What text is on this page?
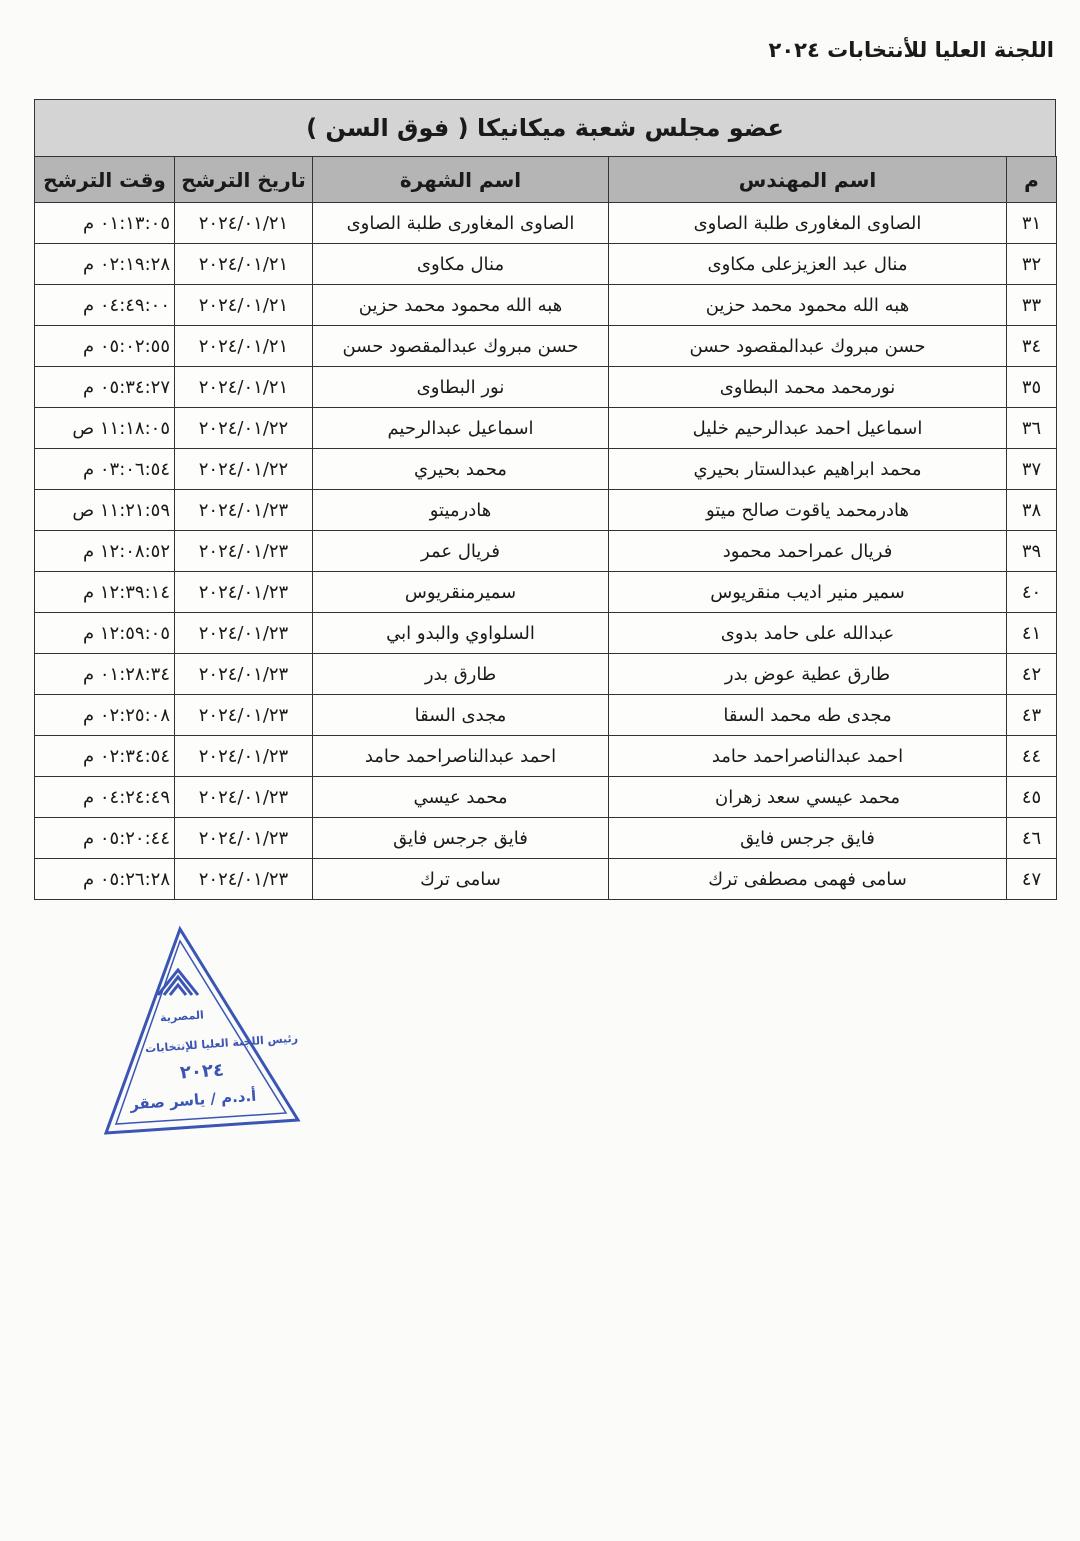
اللجنة العليا للأنتخابات ٢٠٢٤
عضو مجلس شعبة ميكانيكا ( فوق السن )
م	اسم المهندس	اسم الشهرة	تاريخ الترشح	وقت الترشح
٣١	الصاوى المغاورى طلبة الصاوى	الصاوى المغاورى طلبة الصاوى	٢٠٢٤/٠١/٢١	٠١:١٣:٠٥ م
٣٢	منال عبد العزيزعلى مكاوى	منال مكاوى	٢٠٢٤/٠١/٢١	٠٢:١٩:٢٨ م
٣٣	هبه الله محمود محمد حزين	هبه الله محمود محمد حزين	٢٠٢٤/٠١/٢١	٠٤:٤٩:٠٠ م
٣٤	حسن مبروك عبدالمقصود حسن	حسن مبروك عبدالمقصود حسن	٢٠٢٤/٠١/٢١	٠٥:٠٢:٥٥ م
٣٥	نورمحمد محمد البطاوى	نور البطاوى	٢٠٢٤/٠١/٢١	٠٥:٣٤:٢٧ م
٣٦	اسماعيل احمد عبدالرحيم خليل	اسماعيل عبدالرحيم	٢٠٢٤/٠١/٢٢	١١:١٨:٠٥ ص
٣٧	محمد ابراهيم عبدالستار بحيري	محمد بحيري	٢٠٢٤/٠١/٢٢	٠٣:٠٦:٥٤ م
٣٨	هادرمحمد ياقوت صالح ميتو	هادرميتو	٢٠٢٤/٠١/٢٣	١١:٢١:٥٩ ص
٣٩	فريال عمراحمد محمود	فريال عمر	٢٠٢٤/٠١/٢٣	١٢:٠٨:٥٢ م
٤٠	سمير منير اديب منقريوس	سميرمنقريوس	٢٠٢٤/٠١/٢٣	١٢:٣٩:١٤ م
٤١	عبدالله على حامد بدوى	السلواوي والبدو ابي	٢٠٢٤/٠١/٢٣	١٢:٥٩:٠٥ م
٤٢	طارق عطية عوض بدر	طارق بدر	٢٠٢٤/٠١/٢٣	٠١:٢٨:٣٤ م
٤٣	مجدى طه محمد السقا	مجدى السقا	٢٠٢٤/٠١/٢٣	٠٢:٢٥:٠٨ م
٤٤	احمد عبدالناصراحمد حامد	احمد عبدالناصراحمد حامد	٢٠٢٤/٠١/٢٣	٠٢:٣٤:٥٤ م
٤٥	محمد عيسي سعد زهران	محمد عيسي	٢٠٢٤/٠١/٢٣	٠٤:٢٤:٤٩ م
٤٦	فايق جرجس فايق	فايق جرجس فايق	٢٠٢٤/٠١/٢٣	٠٥:٢٠:٤٤ م
٤٧	سامى فهمى مصطفى ترك	سامى ترك	٢٠٢٤/٠١/٢٣	٠٥:٢٦:٢٨ م
المصرية
رئيس اللجنة العليا للإنتخابات
٢٠٢٤
أ.د.م / ياسر صقر
